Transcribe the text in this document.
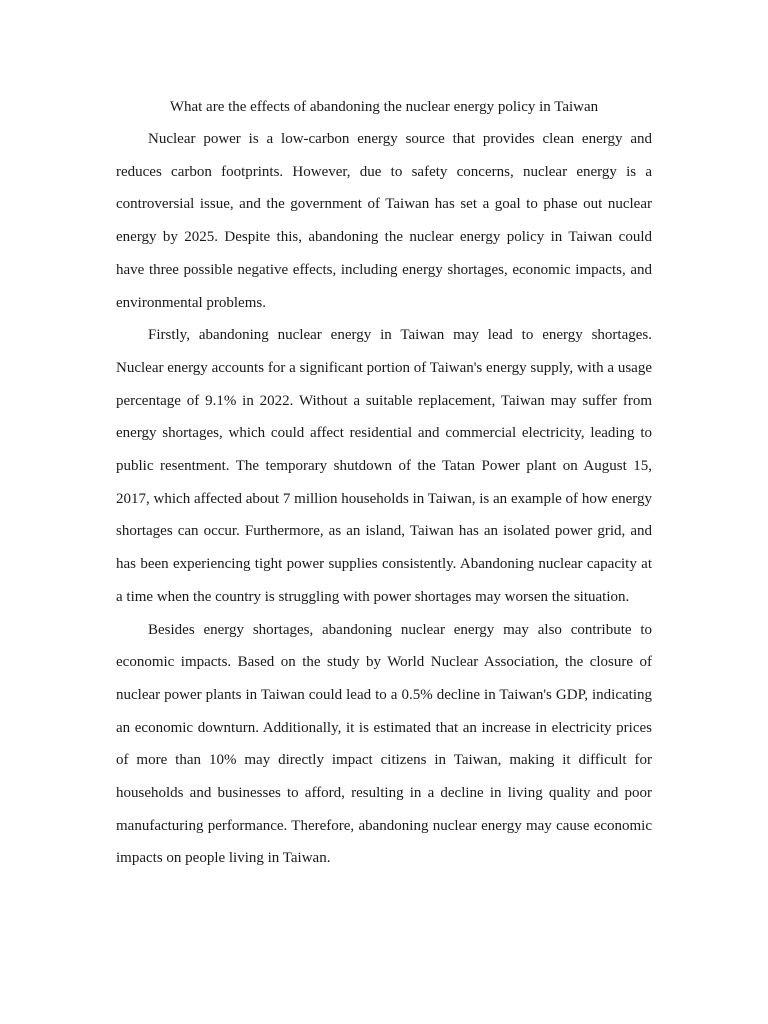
What are the effects of abandoning the nuclear energy policy in Taiwan

Nuclear power is a low-carbon energy source that provides clean energy and reduces carbon footprints. However, due to safety concerns, nuclear energy is a controversial issue, and the government of Taiwan has set a goal to phase out nuclear energy by 2025. Despite this, abandoning the nuclear energy policy in Taiwan could have three possible negative effects, including energy shortages, economic impacts, and environmental problems.

Firstly, abandoning nuclear energy in Taiwan may lead to energy shortages. Nuclear energy accounts for a significant portion of Taiwan's energy supply, with a usage percentage of 9.1% in 2022. Without a suitable replacement, Taiwan may suffer from energy shortages, which could affect residential and commercial electricity, leading to public resentment. The temporary shutdown of the Tatan Power plant on August 15, 2017, which affected about 7 million households in Taiwan, is an example of how energy shortages can occur. Furthermore, as an island, Taiwan has an isolated power grid, and has been experiencing tight power supplies consistently. Abandoning nuclear capacity at a time when the country is struggling with power shortages may worsen the situation.

Besides energy shortages, abandoning nuclear energy may also contribute to economic impacts. Based on the study by World Nuclear Association, the closure of nuclear power plants in Taiwan could lead to a 0.5% decline in Taiwan's GDP, indicating an economic downturn. Additionally, it is estimated that an increase in electricity prices of more than 10% may directly impact citizens in Taiwan, making it difficult for households and businesses to afford, resulting in a decline in living quality and poor manufacturing performance. Therefore, abandoning nuclear energy may cause economic impacts on people living in Taiwan.
